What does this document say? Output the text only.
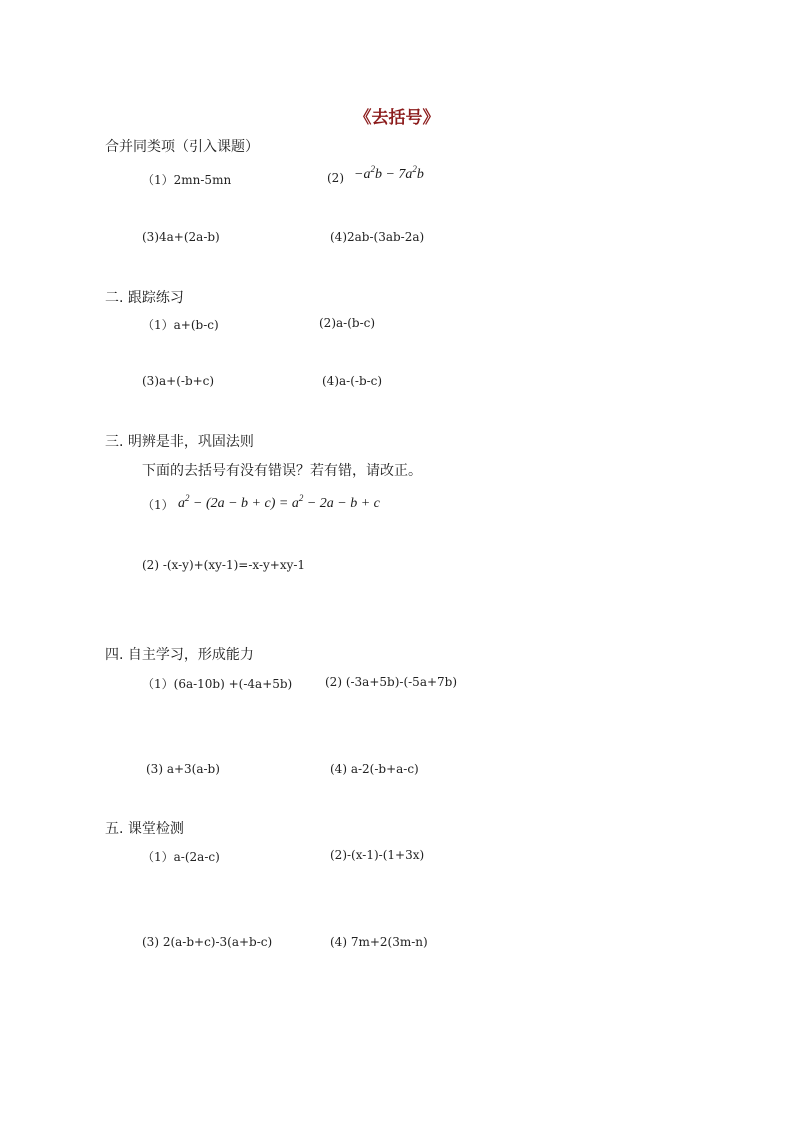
《去括号》
合并同类项（引入课题）
（1）2mn-5mn	$(2) -a^2b - 7a^2b$
(3)4a+(2a-b)	(4)2ab-(3ab-2a)
二. 跟踪练习
（1）a+(b-c)	(2)a-(b-c)
(3)a+(-b+c)	(4)a-(-b-c)
三. 明辨是非，巩固法则
下面的去括号有没有错误？若有错，请改正。
（1） $a^2 - (2a - b + c) = a^2 - 2a - b + c$
(2) -(x-y)+(xy-1)=-x-y+xy-1
四. 自主学习，形成能力
（1）(6a-10b) +(-4a+5b)	(2) (-3a+5b)-(-5a+7b)
(3) a+3(a-b)	(4) a-2(-b+a-c)
五. 课堂检测
（1）a-(2a-c)	(2)-(x-1)-(1+3x)
(3) 2(a-b+c)-3(a+b-c)	(4) 7m+2(3m-n)
